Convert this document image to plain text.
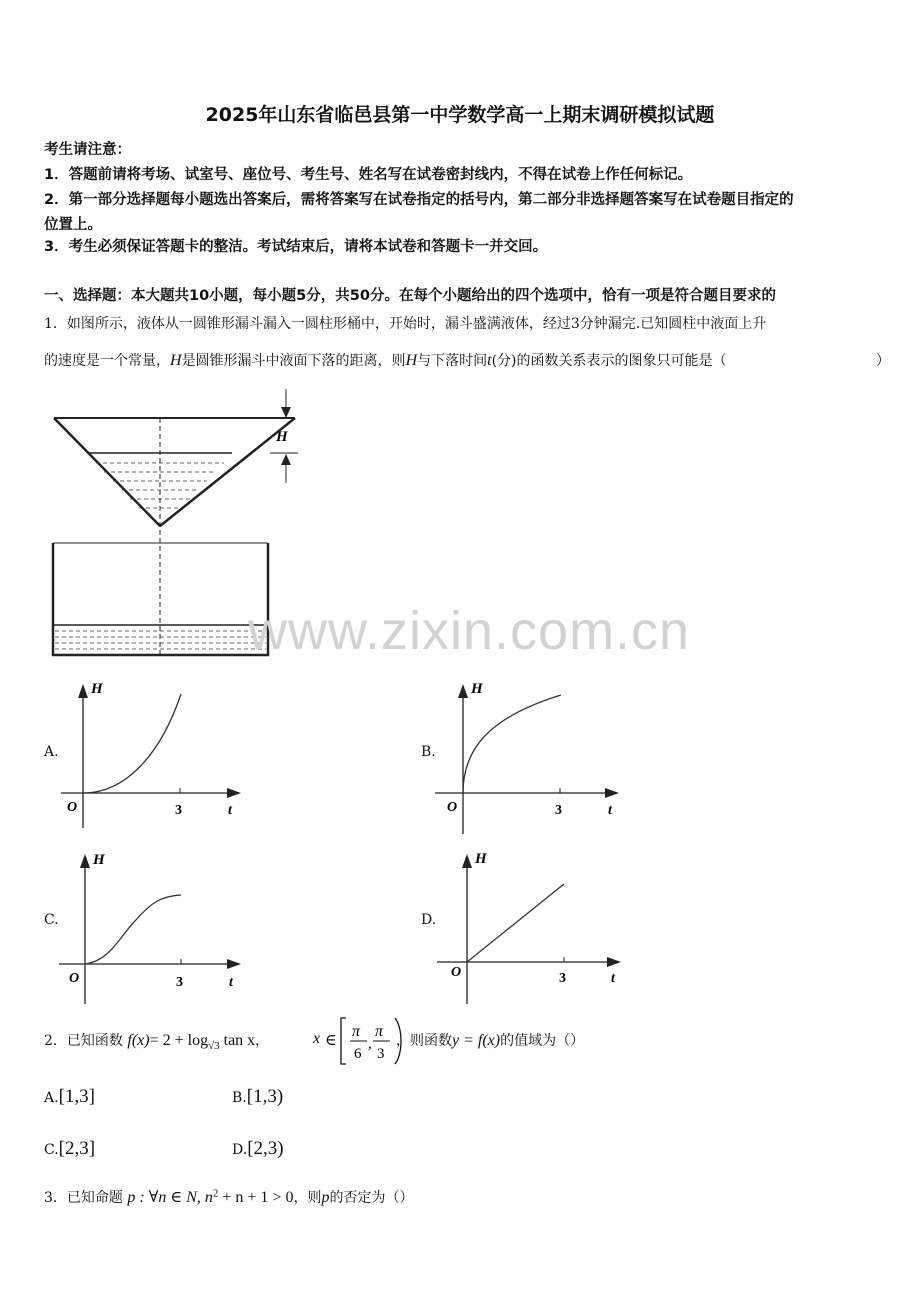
2025年山东省临邑县第一中学数学高一上期末调研模拟试题
考生请注意：
1．答题前请将考场、试室号、座位号、考生号、姓名写在试卷密封线内，不得在试卷上作任何标记。
2．第一部分选择题每小题选出答案后，需将答案写在试卷指定的括号内，第二部分非选择题答案写在试卷题目指定的
位置上。
3．考生必须保证答题卡的整洁。考试结束后，请将本试卷和答题卡一并交回。
一、选择题：本大题共10小题，每小题5分，共50分。在每个小题给出的四个选项中，恰有一项是符合题目要求的
1．如图所示，液体从一圆锥形漏斗漏入一圆柱形桶中，开始时，漏斗盛满液体，经过3分钟漏完.已知圆柱中液面上升
的速度是一个常量，H是圆锥形漏斗中液面下落的距离，则H与下落时间t(分)的函数关系表示的图象只可能是（	）
H
www.zixin.com.cn
A.	B.
C.	D.
H
O	3	t
H
O	3	t
H
O	3	t
H
O	3	t
2．已知函数 $f(x)= 2 + \log_{√3} \tan x$，	x ∈
π
6
,
π
3
，则函数y = f(x)的值域为（）
A.[1,3]	B.[1,3)
C.[2,3]	D.[2,3)
3．已知命题 p : ∀n ∈ N, $n^2 + n + 1 > 0$，则p的否定为（）
